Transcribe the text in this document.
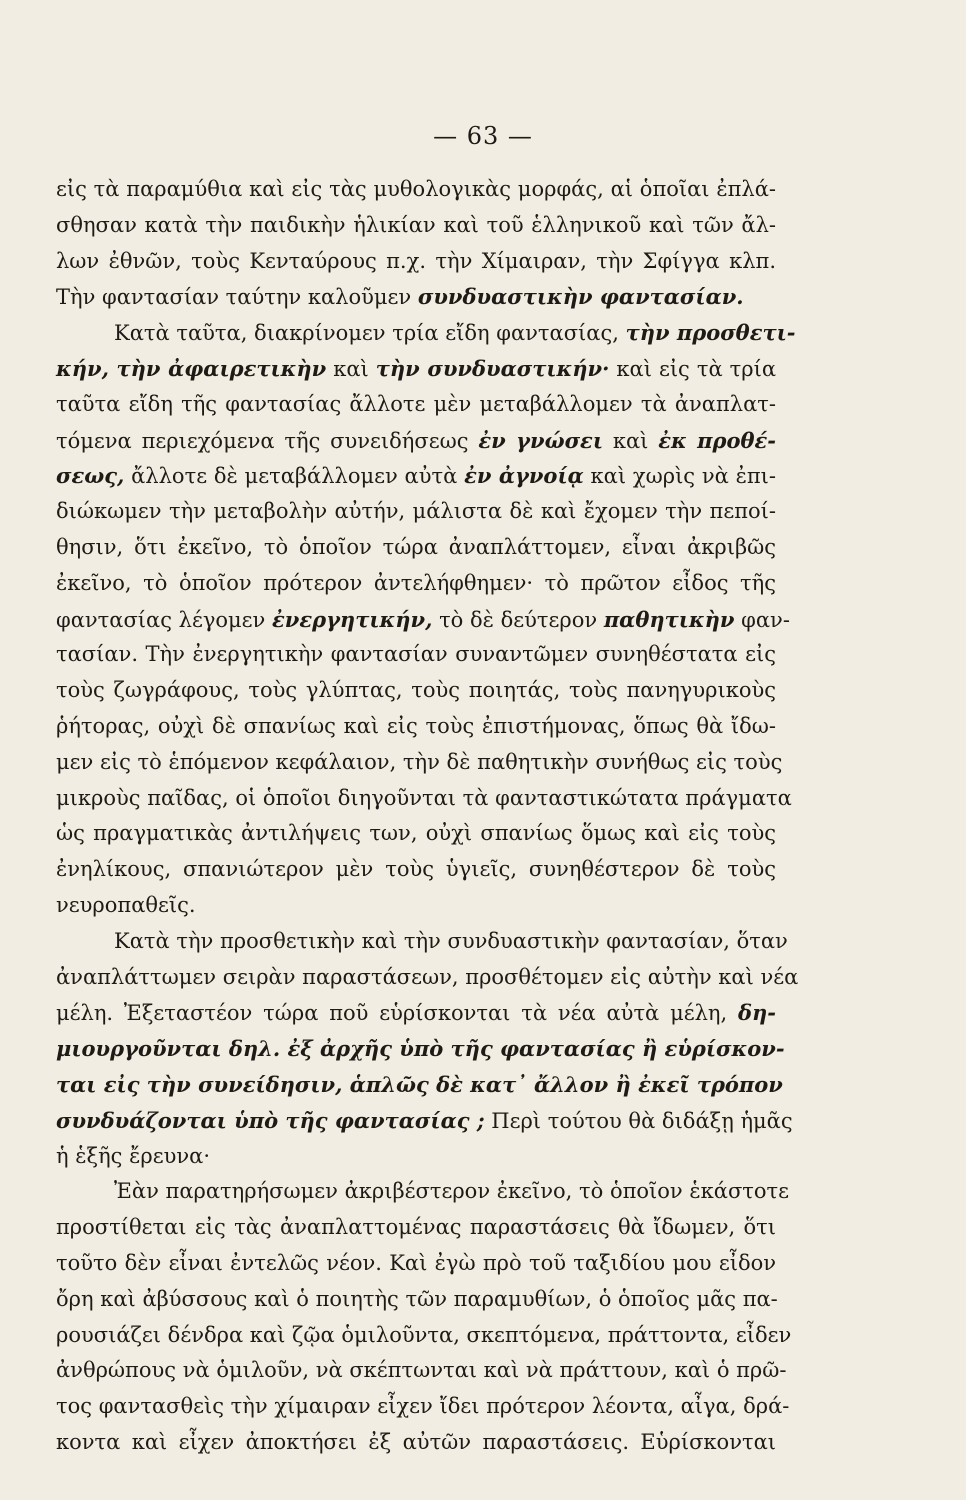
— 63 —
εἰς τὰ παραμύθια καὶ εἰς τὰς μυθολογικὰς μορφάς, αἱ ὁποῖαι ἐπλά-
σθησαν κατὰ τὴν παιδικὴν ἡλικίαν καὶ τοῦ ἑλληνικοῦ καὶ τῶν ἄλ-
λων ἐθνῶν, τοὺς Κενταύρους π.χ. τὴν Χίμαιραν, τὴν Σφίγγα κλπ.
Τὴν φαντασίαν ταύτην καλοῦμεν συνδυαστικὴν φαντασίαν.
Κατὰ ταῦτα, διακρίνομεν τρία εἴδη φαντασίας, τὴν προσθετι-
κήν, τὴν ἀφαιρετικὴν καὶ τὴν συνδυαστικήν· καὶ εἰς τὰ τρία
ταῦτα εἴδη τῆς φαντασίας ἄλλοτε μὲν μεταβάλλομεν τὰ ἀναπλατ-
τόμενα περιεχόμενα τῆς συνειδήσεως ἐν γνώσει καὶ ἐκ προθέ-
σεως, ἄλλοτε δὲ μεταβάλλομεν αὐτὰ ἐν ἀγνοίᾳ καὶ χωρὶς νὰ ἐπι-
διώκωμεν τὴν μεταβολὴν αὐτήν, μάλιστα δὲ καὶ ἔχομεν τὴν πεποί-
θησιν, ὅτι ἐκεῖνο, τὸ ὁποῖον τώρα ἀναπλάττομεν, εἶναι ἀκριβῶς
ἐκεῖνο, τὸ ὁποῖον πρότερον ἀντελήφθημεν· τὸ πρῶτον εἶδος τῆς
φαντασίας λέγομεν ἐνεργητικήν, τὸ δὲ δεύτερον παθητικὴν φαν-
τασίαν. Τὴν ἐνεργητικὴν φαντασίαν συναντῶμεν συνηθέστατα εἰς
τοὺς ζωγράφους, τοὺς γλύπτας, τοὺς ποιητάς, τοὺς πανηγυρικοὺς
ῥήτορας, οὐχὶ δὲ σπανίως καὶ εἰς τοὺς ἐπιστήμονας, ὅπως θὰ ἴδω-
μεν εἰς τὸ ἑπόμενον κεφάλαιον, τὴν δὲ παθητικὴν συνήθως εἰς τοὺς
μικροὺς παῖδας, οἱ ὁποῖοι διηγοῦνται τὰ φανταστικώτατα πράγματα
ὡς πραγματικὰς ἀντιλήψεις των, οὐχὶ σπανίως ὅμως καὶ εἰς τοὺς
ἐνηλίκους, σπανιώτερον μὲν τοὺς ὑγιεῖς, συνηθέστερον δὲ τοὺς
νευροπαθεῖς.
Κατὰ τὴν προσθετικὴν καὶ τὴν συνδυαστικὴν φαντασίαν, ὅταν
ἀναπλάττωμεν σειρὰν παραστάσεων, προσθέτομεν εἰς αὐτὴν καὶ νέα
μέλη. Ἐξεταστέον τώρα ποῦ εὑρίσκονται τὰ νέα αὐτὰ μέλη, δη-
μιουργοῦνται δηλ. ἐξ ἀρχῆς ὑπὸ τῆς φαντασίας ἢ εὑρίσκον-
ται εἰς τὴν συνείδησιν, ἁπλῶς δὲ κατ᾽ ἄλλον ἢ ἐκεῖ τρόπον
συνδυάζονται ὑπὸ τῆς φαντασίας ; Περὶ τούτου θὰ διδάξῃ ἡμᾶς
ἡ ἑξῆς ἔρευνα·
Ἐὰν παρατηρήσωμεν ἀκριβέστερον ἐκεῖνο, τὸ ὁποῖον ἑκάστοτε
προστίθεται εἰς τὰς ἀναπλαττομένας παραστάσεις θὰ ἴδωμεν, ὅτι
τοῦτο δὲν εἶναι ἐντελῶς νέον. Καὶ ἐγὼ πρὸ τοῦ ταξιδίου μου εἶδον
ὄρη καὶ ἀβύσσους καὶ ὁ ποιητὴς τῶν παραμυθίων, ὁ ὁποῖος μᾶς πα-
ρουσιάζει δένδρα καὶ ζῷα ὁμιλοῦντα, σκεπτόμενα, πράττοντα, εἶδεν
ἀνθρώπους νὰ ὁμιλοῦν, νὰ σκέπτωνται καὶ νὰ πράττουν, καὶ ὁ πρῶ-
τος φαντασθεὶς τὴν χίμαιραν εἶχεν ἴδει πρότερον λέοντα, αἶγα, δρά-
κοντα καὶ εἶχεν ἀποκτήσει ἐξ αὐτῶν παραστάσεις. Εὑρίσκονται
